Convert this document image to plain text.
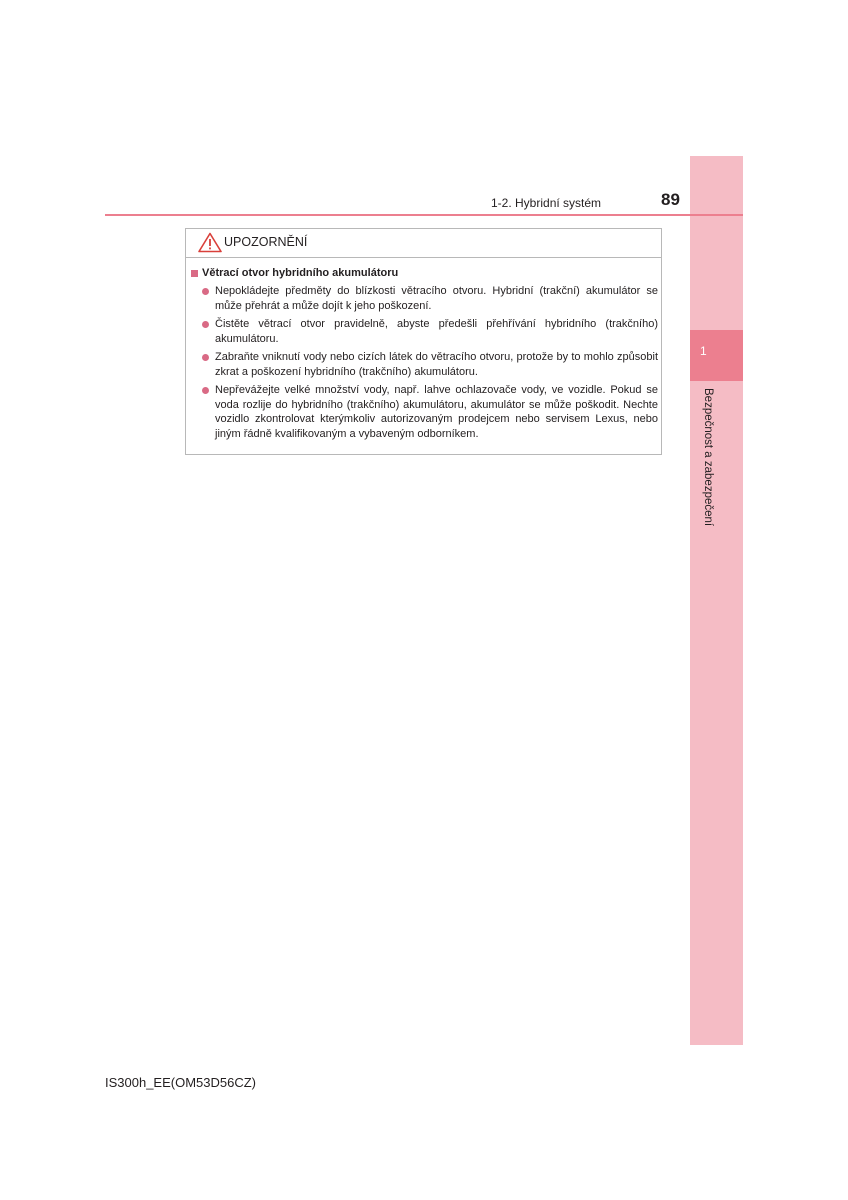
1
Bezpečnost a zabezpečení
1-2. Hybridní systém	89
UPOZORNĚNÍ
Větrací otvor hybridního akumulátoru
Nepokládejte předměty do blízkosti větracího otvoru. Hybridní (trakční) akumulátor se může přehrát a může dojít k jeho poškození.
Čistěte větrací otvor pravidelně, abyste předešli přehřívání hybridního (trakčního) akumulátoru.
Zabraňte vniknutí vody nebo cizích látek do větracího otvoru, protože by to mohlo způsobit zkrat a poškození hybridního (trakčního) akumulátoru.
Nepřevážejte velké množství vody, např. lahve ochlazovače vody, ve vozidle. Pokud se voda rozlije do hybridního (trakčního) akumulátoru, akumulátor se může poškodit. Nechte vozidlo zkontrolovat kterýmkoliv autorizovaným prodejcem nebo servisem Lexus, nebo jiným řádně kvalifikovaným a vybaveným odborníkem.
IS300h_EE(OM53D56CZ)
